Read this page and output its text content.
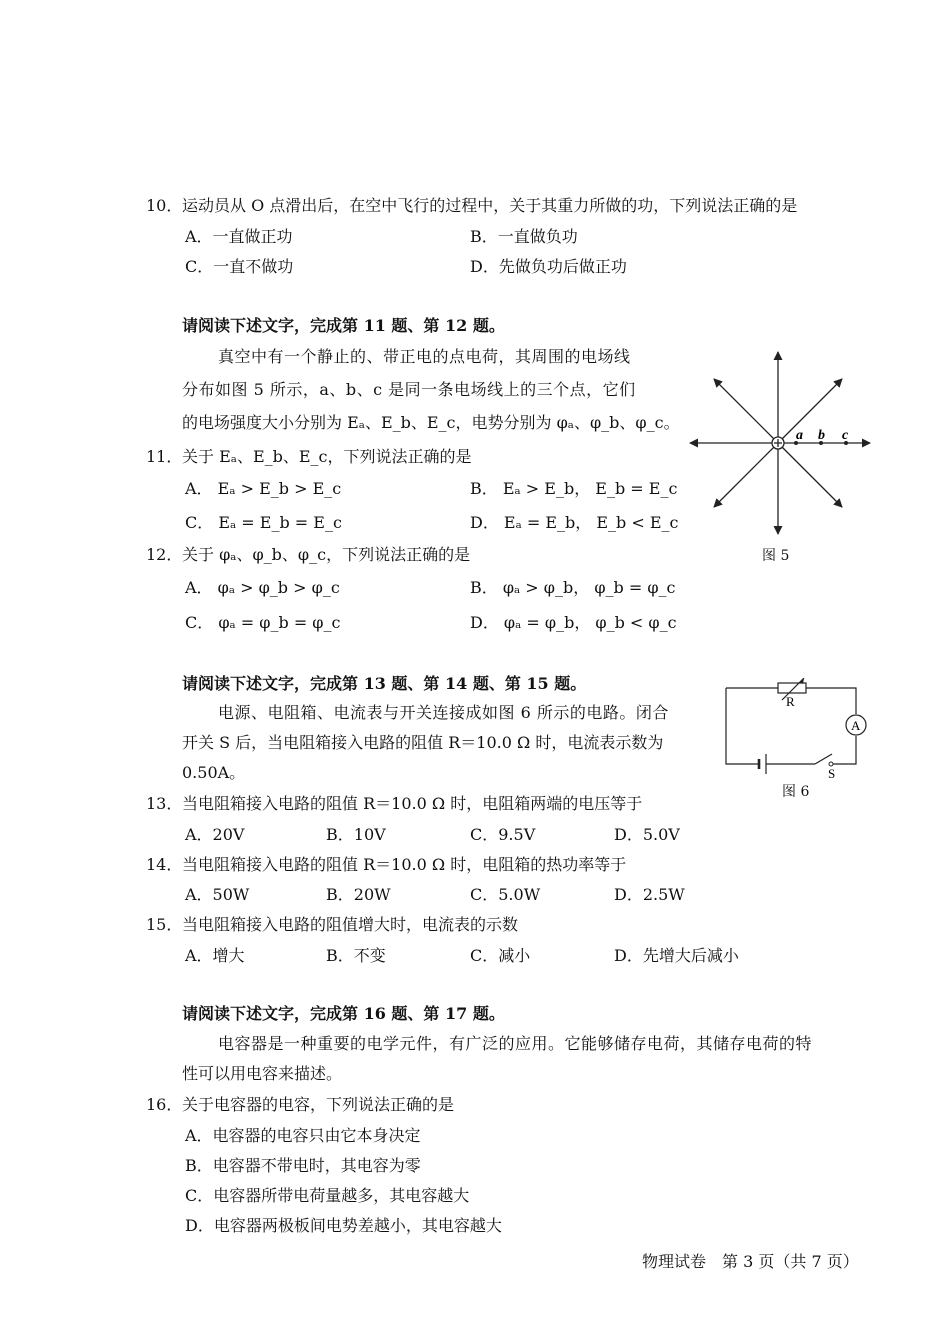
10． 运动员从 O 点滑出后，在空中飞行的过程中，关于其重力所做的功，下列说法正确的是
A．一直做正功	B．一直做负功
C．一直不做功	D．先做负功后做正功
请阅读下述文字，完成第 11 题、第 12 题。
真空中有一个静止的、带正电的点电荷，其周围的电场线
分布如图 5 所示，a、b、c 是同一条电场线上的三个点，它们
的电场强度大小分别为 Eₐ、E_b、E_c，电势分别为 φₐ、φ_b、φ_c。
11． 关于 Eₐ、E_b、E_c，下列说法正确的是
A． Eₐ > E_b > E_c	B． Eₐ > E_b， E_b = E_c
C． Eₐ = E_b = E_c	D． Eₐ = E_b， E_b < E_c
12． 关于 φₐ、φ_b、φ_c，下列说法正确的是
A． φₐ > φ_b > φ_c	B． φₐ > φ_b， φ_b = φ_c
C． φₐ = φ_b = φ_c	D． φₐ = φ_b， φ_b < φ_c
a b c
图 5
请阅读下述文字，完成第 13 题、第 14 题、第 15 题。
电源、电阻箱、电流表与开关连接成如图 6 所示的电路。闭合
开关 S 后，当电阻箱接入电路的阻值 R＝10.0 Ω 时，电流表示数为
0.50A。
R
A
S
图 6
13． 当电阻箱接入电路的阻值 R＝10.0 Ω 时，电阻箱两端的电压等于
A．20V	B．10V	C．9.5V	D．5.0V
14． 当电阻箱接入电路的阻值 R＝10.0 Ω 时，电阻箱的热功率等于
A．50W	B．20W	C．5.0W	D．2.5W
15． 当电阻箱接入电路的阻值增大时，电流表的示数
A．增大	B．不变	C．减小	D．先增大后减小
请阅读下述文字，完成第 16 题、第 17 题。
电容器是一种重要的电学元件，有广泛的应用。它能够储存电荷，其储存电荷的特
性可以用电容来描述。
16． 关于电容器的电容，下列说法正确的是
A．电容器的电容只由它本身决定
B．电容器不带电时，其电容为零
C．电容器所带电荷量越多，其电容越大
D．电容器两极板间电势差越小，其电容越大
物理试卷　第 3 页（共 7 页）
